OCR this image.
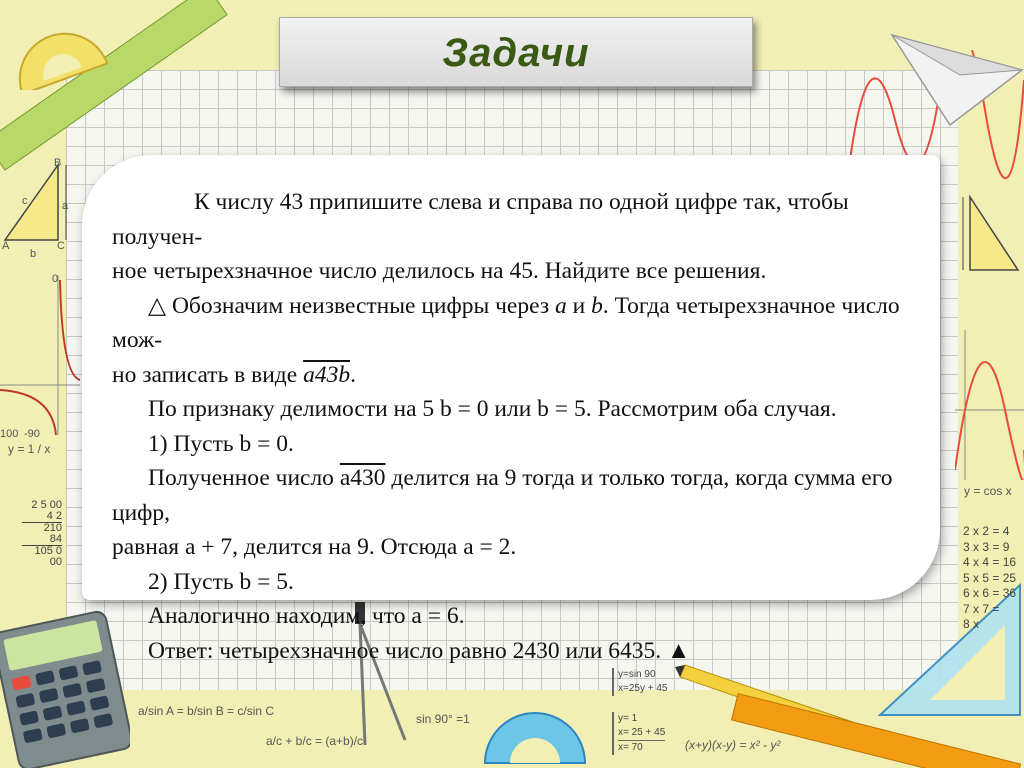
B
c	a
A
b
C
0
100 -90
y = 1 / x
2 5 00
4 2
210
84
105 0 00
a/sin A = b/sin B = c/sin C
a/c + b/c = (a+b)/c
sin 90° =1
y=sin 90
x=25y + 45
y= 1
x= 25 + 45
x= 70	(x+y)(x-y) = x² - y²
y = cos x
2 x 2 = 4
3 x 3 = 9
4 x 4 = 16
5 x 5 = 25
6 x 6 = 36
7 x 7 =
8 x
Задачи

К числу 43 припишите слева и справа по одной цифре так, чтобы получен-

ное четырехзначное число делилось на 45. Найдите все решения.

△ Обозначим неизвестные цифры через a и b. Тогда четырехзначное число мож-

но записать в виде a43b.

По признаку делимости на 5 b = 0 или b = 5. Рассмотрим оба случая.

1) Пусть b = 0.

Полученное число a430 делится на 9 тогда и только тогда, когда сумма его цифр,

равная a + 7, делится на 9. Отсюда a = 2.

2) Пусть b = 5.

Аналогично находим, что a = 6.

Ответ: четырехзначное число равно 2430 или 6435. ▲
